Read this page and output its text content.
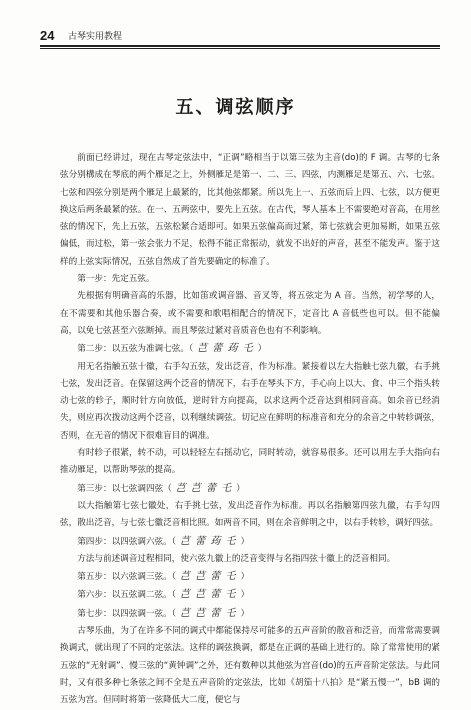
24 古琴实用教程
五、调弦顺序

前面已经讲过，现在古琴定弦法中，“正调”略相当于以第三弦为主音(do)的 F 调。古琴的七条弦分别構成在琴底的两个雁足之上，外侧雁足是第一、二、三、四弦，内测雁足是第五、六、七弦。七弦和四弦分别是两个雁足上最紧的，比其他弦都紧。所以先上一、五弦而后上四、七弦，以方便更换这后两条最紧的弦。在一、五两弦中，要先上五弦。在古代，琴人基本上不需要绝对音高，在用丝弦的情况下，先上五弦，五弦松紧合适即可。如果五弦偏高而过紧，第七弦就会更加易断，如果五弦偏低，而过松，第一弦会张力不足，松得不能正常振动，就发不出好的声音，甚至不能发声。鉴于这样的上弦实际情况，五弦自然成了首先要确定的标准了。

第一步：先定五弦。

先根据有明确音高的乐器，比如笛或调音器、音叉等，将五弦定为 A 音。当然，初学琴的人，在不需要和其他乐器合奏，或不需要和歌唱相配合的情况下，定音比 A 音低些也可以。但不能偏高，以免七弦甚至六弦断掉。而且琴弦过紧对音质音色也有不利影响。

第二步：以五弦为准调七弦。（ 芑 蕾 荺 乇 ）

用无名指触五弦十徽，右手勾五弦，发出泛音，作为标准。紧接着以左大指触七弦九徽，右手挑七弦，发出泛音。在保留这两个泛音的情况下，右手在琴头下方，手心向上以大、食、中三个指头转动七弦的轸子，顺时针方向放低，逆时针方向提高，以求这两个泛音达到相同音高。如余音已经消失，则应再次拨动这两个泛音，以利继续调弦。切记应在鲜明的标准音和充分的余音之中转轸调弦，否则，在无音的情况下很难盲目的调准。

有时轸子很紧，转不动，可以轻轻左右摇动它，同时转动，就容易很多。还可以用左手大指向右推动雁足，以帮助琴弦的提高。

第三步：以七弦调四弦（ 芑 芑 蕾 乇 ）

以大指触第七弦七徽处，右手挑七弦，发出泛音作为标准。再以名指触第四弦九徽，右手勾四弦，散出泛音，与七弦七徽泛音相比照。如两音不同，则在余音鲜明之中，以右手转轸，调好四弦。

第四步：以四弦调六弦。（ 芑 蕾 荺 乇 ）

方法与前述调音过程相同，使六弦九徽上的泛音变得与名指四弦十徽上的泛音相同。

第五步：以六弦调三弦。（ 芑 芑 蕾 乇 ）

第六步：以五弦调二弦。（ 芑 芑 蕾 乇 ）

第七步：以四弦调一弦。（ 芑 芑 蕾 乇 ）

古琴乐曲，为了在许多不同的调式中都能保持尽可能多的五声音阶的散音和泛音，而常常需要调换调式，就出现了不同的定弦法。这样的调弦换调，都是在正调的基础上进行的。除了常常使用的紧五弦的“无射调”、慢三弦的“黄钟调”之外，还有数种以其他弦为宫音(do)的五声音阶定弦法。与此同时，又有很多种七条弦之间不全是五声音阶的定弦法，比如《胡笳十八拍》是“紧五慢一”，bB 调的五弦为宫。但同时将第一弦降低大二度，便它与
